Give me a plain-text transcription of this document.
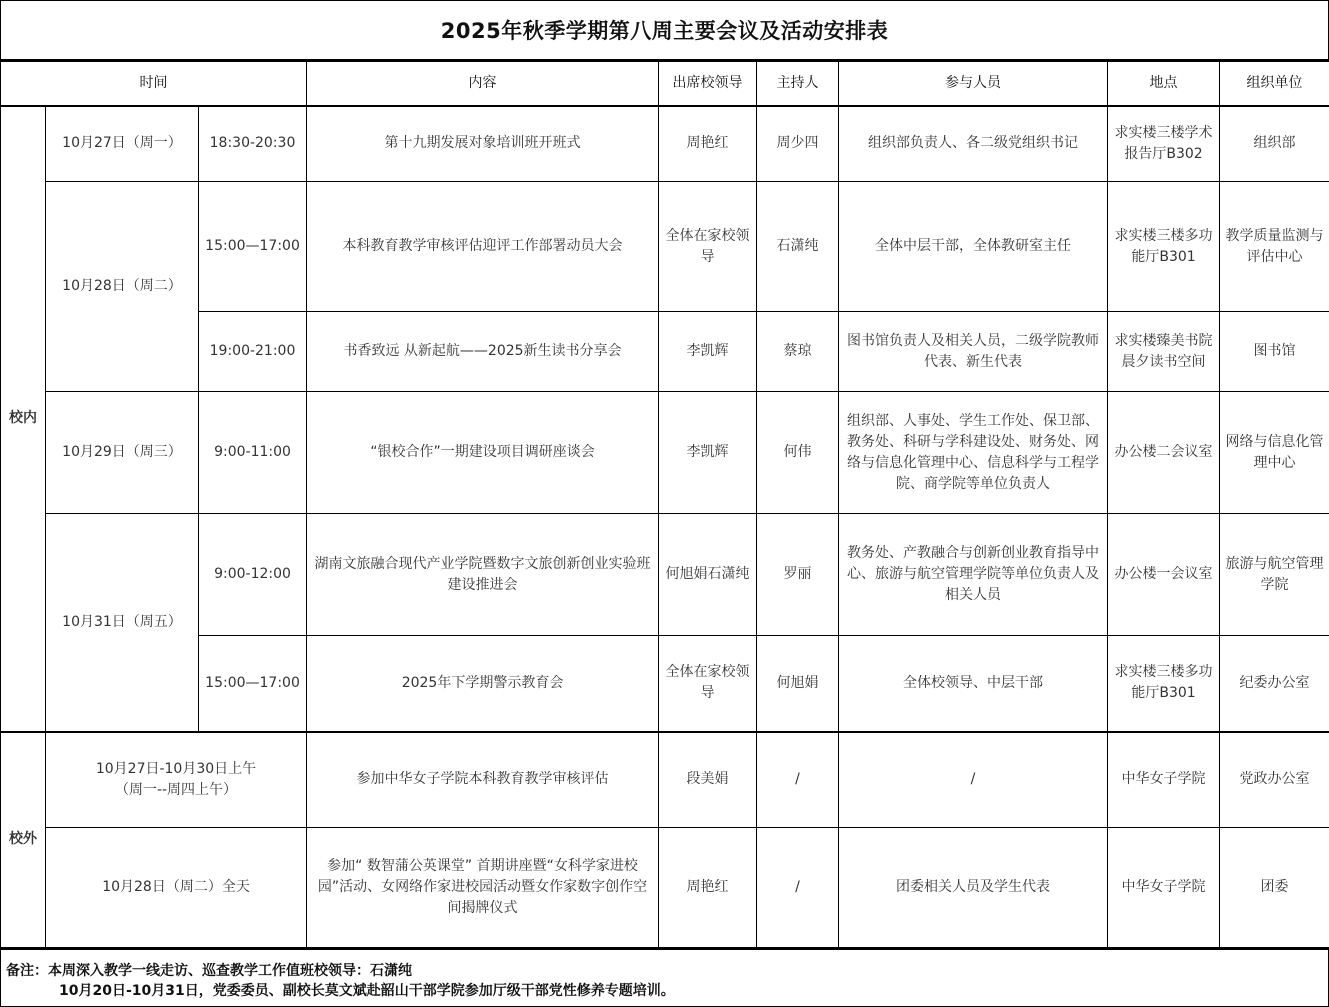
2025年秋季学期第八周主要会议及活动安排表
时间			内容	出席校领导	主持人	参与人员	地点	组织单位
校内	10月27日（周一）	18:30-20:30	第十九期发展对象培训班开班式	周艳红	周少四	组织部负责人、各二级党组织书记	求实楼三楼学术报告厅B302	组织部
	10月28日（周二）	15:00—17:00	本科教育教学审核评估迎评工作部署动员大会	全体在家校领导	石潇纯	全体中层干部，全体教研室主任	求实楼三楼多功能厅B301	教学质量监测与评估中心
		19:00-21:00	书香致远 从新起航——2025新生读书分享会	李凯辉	蔡琼	图书馆负责人及相关人员，二级学院教师代表、新生代表	求实楼臻美书院晨夕读书空间	图书馆
	10月29日（周三）	9:00-11:00	“银校合作”一期建设项目调研座谈会	李凯辉	何伟	组织部、人事处、学生工作处、保卫部、教务处、科研与学科建设处、财务处、网络与信息化管理中心、信息科学与工程学院、商学院等单位负责人	办公楼二会议室	网络与信息化管理中心
	10月31日（周五）	9:00-12:00	湖南文旅融合现代产业学院暨数字文旅创新创业实验班建设推进会	何旭娟石潇纯	罗丽	教务处、产教融合与创新创业教育指导中心、旅游与航空管理学院等单位负责人及相关人员	办公楼一会议室	旅游与航空管理学院
		15:00—17:00	2025年下学期警示教育会	全体在家校领导	何旭娟	全体校领导、中层干部	求实楼三楼多功能厅B301	纪委办公室
校外	10月27日-10月30日上午（周一--周四上午）		参加中华女子学院本科教育教学审核评估	段美娟	/	/	中华女子学院	党政办公室
	10月28日（周二）全天		参加“ 数智蒲公英课堂” 首期讲座暨“女科学家进校园”活动、女网络作家进校园活动暨女作家数字创作空间揭牌仪式	周艳红	/	团委相关人员及学生代表	中华女子学院	团委
备注：本周深入教学一线走访、巡查教学工作值班校领导：石潇纯
10月20日-10月31日，党委委员、副校长莫文斌赴韶山干部学院参加厅级干部党性修养专题培训。
